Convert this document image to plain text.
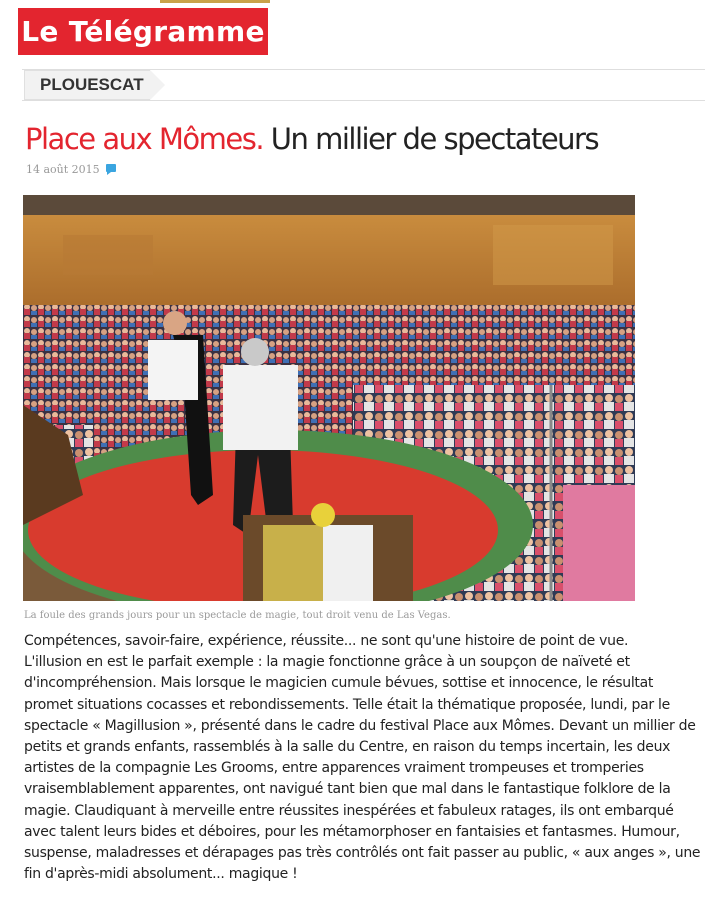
Le Télégramme
PLOUESCAT
Place aux Mômes. Un millier de spectateurs
14 août 2015
La foule des grands jours pour un spectacle de magie, tout droit venu de Las Vegas.
Compétences, savoir-faire, expérience, réussite... ne sont qu'une histoire de point de vue.
L'illusion en est le parfait exemple : la magie fonctionne grâce à un soupçon de naïveté et
d'incompréhension. Mais lorsque le magicien cumule bévues, sottise et innocence, le résultat
promet situations cocasses et rebondissements. Telle était la thématique proposée, lundi, par le
spectacle « Magillusion », présenté dans le cadre du festival Place aux Mômes. Devant un millier de
petits et grands enfants, rassemblés à la salle du Centre, en raison du temps incertain, les deux
artistes de la compagnie Les Grooms, entre apparences vraiment trompeuses et tromperies
vraisemblablement apparentes, ont navigué tant bien que mal dans le fantastique folklore de la
magie. Claudiquant à merveille entre réussites inespérées et fabuleux ratages, ils ont embarqué
avec talent leurs bides et déboires, pour les métamorphoser en fantaisies et fantasmes. Humour,
suspense, maladresses et dérapages pas très contrôlés ont fait passer au public, « aux anges », une
fin d'après-midi absolument... magique !
